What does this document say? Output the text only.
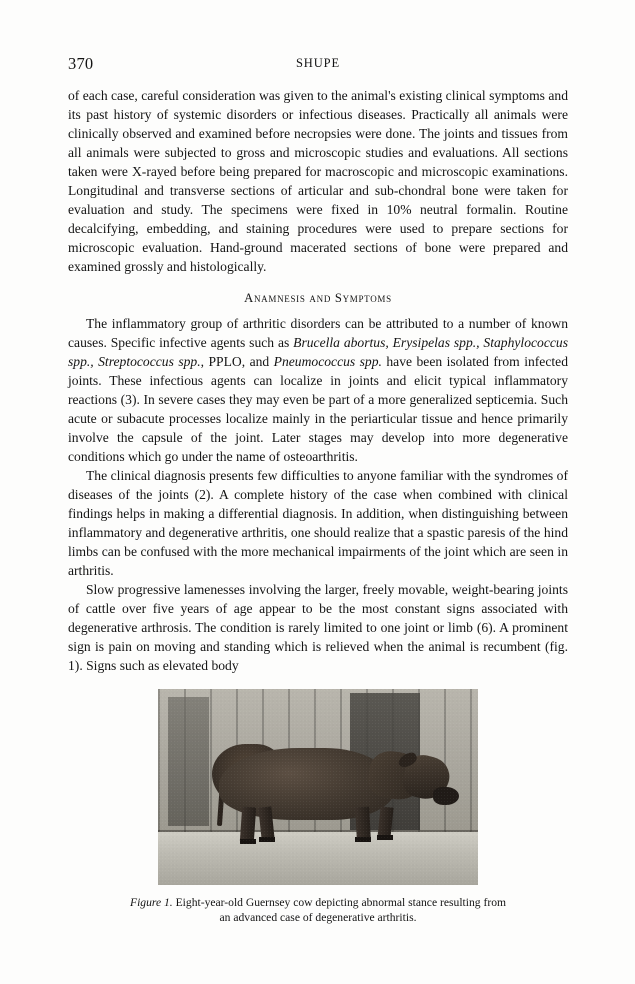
370	SHUPE

of each case, careful consideration was given to the animal's existing clinical symptoms and its past history of systemic disorders or infectious diseases. Practically all animals were clinically observed and examined before necropsies were done. The joints and tissues from all animals were subjected to gross and microscopic studies and evaluations. All sections taken were X-rayed before being prepared for macroscopic and microscopic examinations. Longitudinal and transverse sections of articular and sub-chondral bone were taken for evaluation and study. The specimens were fixed in 10% neutral formalin. Routine decalcifying, embedding, and staining procedures were used to prepare sections for microscopic evaluation. Hand-ground macerated sections of bone were prepared and examined grossly and histologically.

Anamnesis and Symptoms

The inflammatory group of arthritic disorders can be attributed to a number of known causes. Specific infective agents such as Brucella abortus, Erysipelas spp., Staphylococcus spp., Streptococcus spp., PPLO, and Pneumococcus spp. have been isolated from infected joints. These infectious agents can localize in joints and elicit typical inflammatory reactions (3). In severe cases they may even be part of a more generalized septicemia. Such acute or subacute processes localize mainly in the periarticular tissue and hence primarily involve the capsule of the joint. Later stages may develop into more degenerative conditions which go under the name of osteoarthritis.

The clinical diagnosis presents few difficulties to anyone familiar with the syndromes of diseases of the joints (2). A complete history of the case when combined with clinical findings helps in making a differential diagnosis. In addition, when distinguishing between inflammatory and degenerative arthritis, one should realize that a spastic paresis of the hind limbs can be confused with the more mechanical impairments of the joint which are seen in arthritis.

Slow progressive lamenesses involving the larger, freely movable, weight-bearing joints of cattle over five years of age appear to be the most constant signs associated with degenerative arthrosis. The condition is rarely limited to one joint or limb (6). A prominent sign is pain on moving and standing which is relieved when the animal is recumbent (fig. 1). Signs such as elevated body

Figure 1. Eight-year-old Guernsey cow depicting abnormal stance resulting from
an advanced case of degenerative arthritis.
